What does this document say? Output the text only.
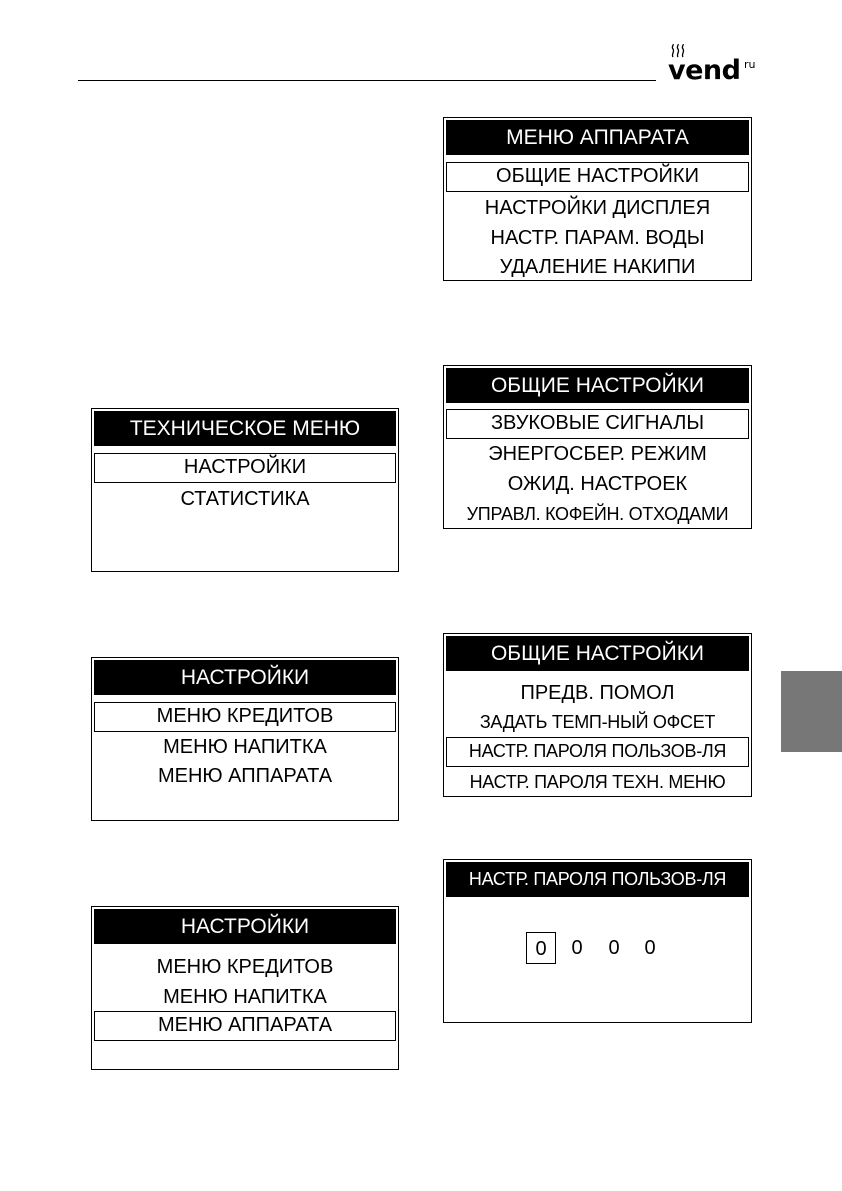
vend ru
ТЕХНИЧЕСКОЕ МЕНЮ
НАСТРОЙКИ
СТАТИСТИКА
НАСТРОЙКИ
МЕНЮ КРЕДИТОВ
МЕНЮ НАПИТКА
МЕНЮ АППАРАТА
НАСТРОЙКИ
МЕНЮ КРЕДИТОВ
МЕНЮ НАПИТКА
МЕНЮ АППАРАТА
МЕНЮ АППАРАТА
ОБЩИЕ НАСТРОЙКИ
НАСТРОЙКИ ДИСПЛЕЯ
НАСТР. ПАРАМ. ВОДЫ
УДАЛЕНИЕ НАКИПИ
ОБЩИЕ НАСТРОЙКИ
ЗВУКОВЫЕ СИГНАЛЫ
ЭНЕРГОСБЕР. РЕЖИМ
ОЖИД. НАСТРОЕК
УПРАВЛ. КОФЕЙН. ОТХОДАМИ
ОБЩИЕ НАСТРОЙКИ
ПРЕДВ. ПОМОЛ
ЗАДАТЬ ТЕМП-НЫЙ ОФСЕТ
НАСТР. ПАРОЛЯ ПОЛЬЗОВ-ЛЯ
НАСТР. ПАРОЛЯ ТЕХН. МЕНЮ
НАСТР. ПАРОЛЯ ПОЛЬЗОВ-ЛЯ
0	0	0	0
